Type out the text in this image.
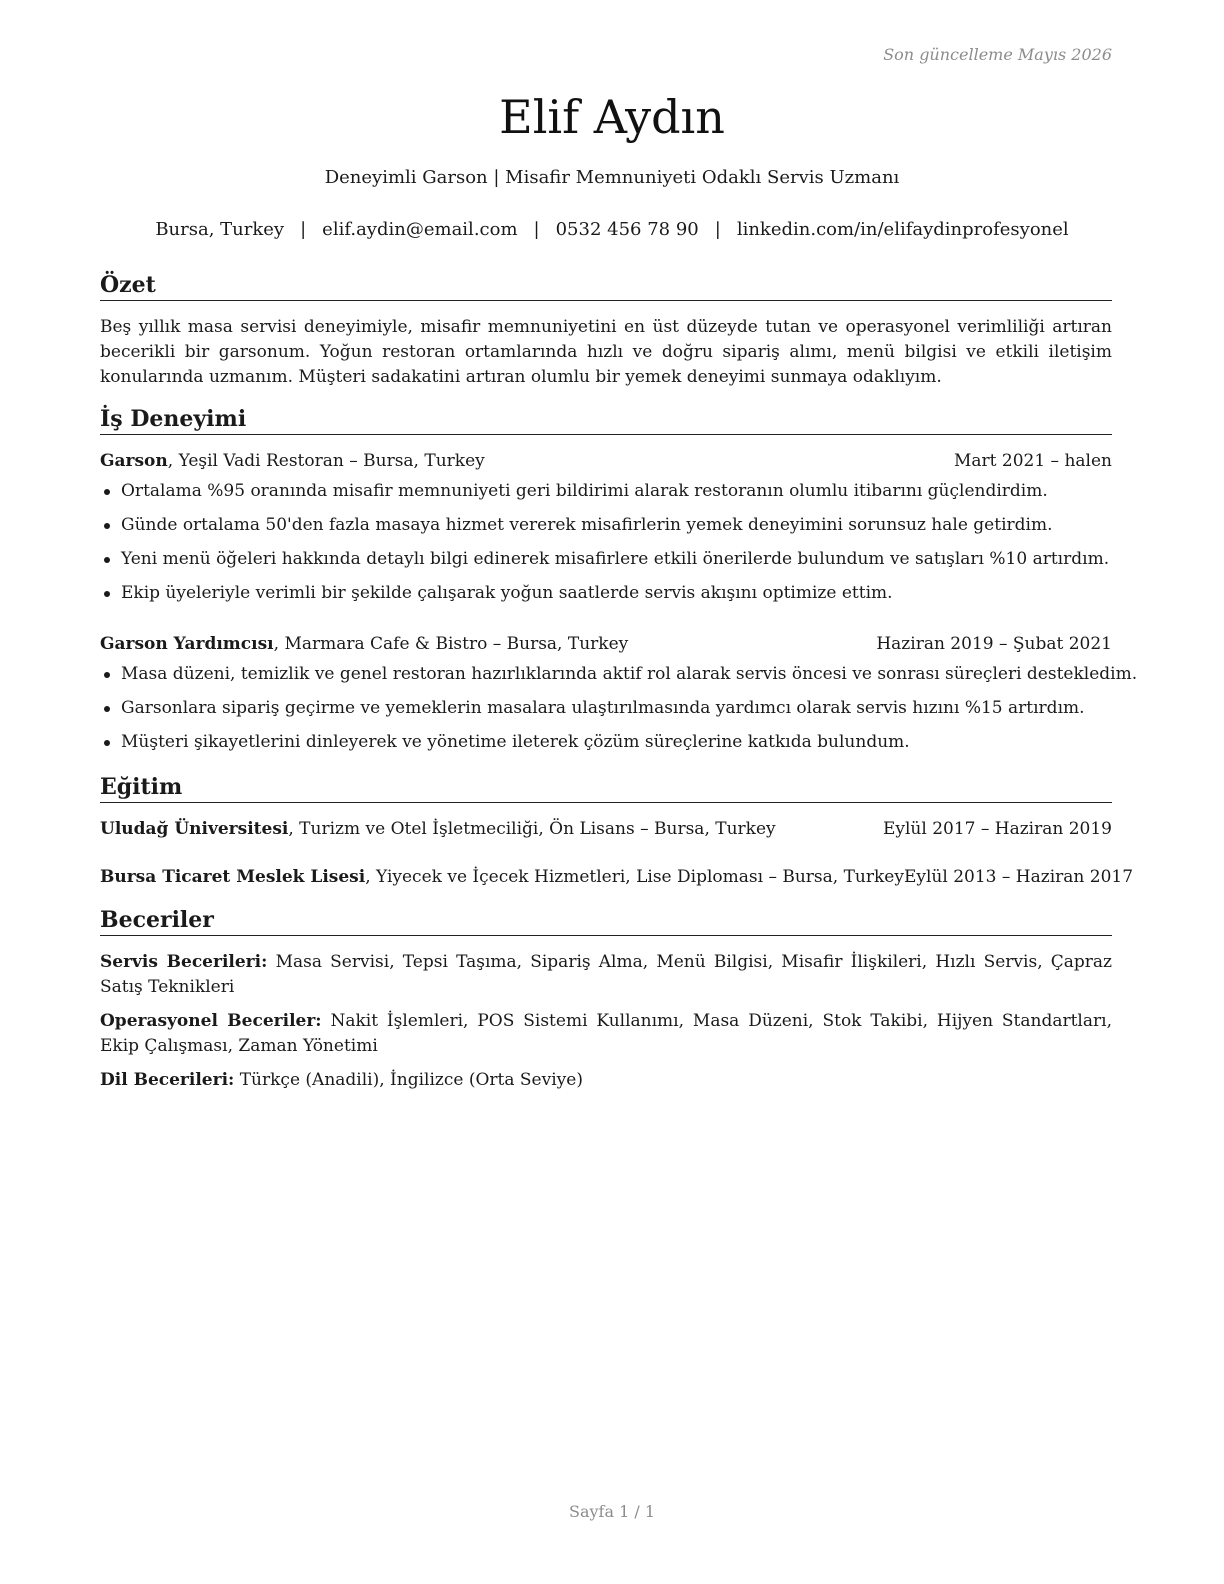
Son güncelleme Mayıs 2026
Elif Aydın
Deneyimli Garson | Misafir Memnuniyeti Odaklı Servis Uzmanı
Bursa, Turkey | elif.aydin@email.com | 0532 456 78 90 | linkedin.com/in/elifaydinprofesyonel
Özet
Beş yıllık masa servisi deneyimiyle, misafir memnuniyetini en üst düzeyde tutan ve operasyonel verimliliği artıran becerikli bir garsonum. Yoğun restoran ortamlarında hızlı ve doğru sipariş alımı, menü bilgisi ve etkili iletişim konularında uzmanım. Müşteri sadakatini artıran olumlu bir yemek deneyimi sunmaya odaklıyım.
İş Deneyimi
Garson, Yeşil Vadi Restoran – Bursa, Turkey	Mart 2021 – halen
Ortalama %95 oranında misafir memnuniyeti geri bildirimi alarak restoranın olumlu itibarını güçlendirdim.
Günde ortalama 50'den fazla masaya hizmet vererek misafirlerin yemek deneyimini sorunsuz hale getirdim.
Yeni menü öğeleri hakkında detaylı bilgi edinerek misafirlere etkili önerilerde bulundum ve satışları %10 artırdım.
Ekip üyeleriyle verimli bir şekilde çalışarak yoğun saatlerde servis akışını optimize ettim.
Garson Yardımcısı, Marmara Cafe & Bistro – Bursa, Turkey	Haziran 2019 – Şubat 2021
Masa düzeni, temizlik ve genel restoran hazırlıklarında aktif rol alarak servis öncesi ve sonrası süreçleri destekledim.
Garsonlara sipariş geçirme ve yemeklerin masalara ulaştırılmasında yardımcı olarak servis hızını %15 artırdım.
Müşteri şikayetlerini dinleyerek ve yönetime ileterek çözüm süreçlerine katkıda bulundum.
Eğitim
Uludağ Üniversitesi, Turizm ve Otel İşletmeciliği, Ön Lisans – Bursa, Turkey	Eylül 2017 – Haziran 2019
Bursa Ticaret Meslek Lisesi, Yiyecek ve İçecek Hizmetleri, Lise Diploması – Bursa, Turkey Eylül 2013 – Haziran 2017
Beceriler
Servis Becerileri: Masa Servisi, Tepsi Taşıma, Sipariş Alma, Menü Bilgisi, Misafir İlişkileri, Hızlı Servis, Çapraz Satış Teknikleri
Operasyonel Beceriler: Nakit İşlemleri, POS Sistemi Kullanımı, Masa Düzeni, Stok Takibi, Hijyen Standartları, Ekip Çalışması, Zaman Yönetimi
Dil Becerileri: Türkçe (Anadili), İngilizce (Orta Seviye)
Sayfa 1 / 1
